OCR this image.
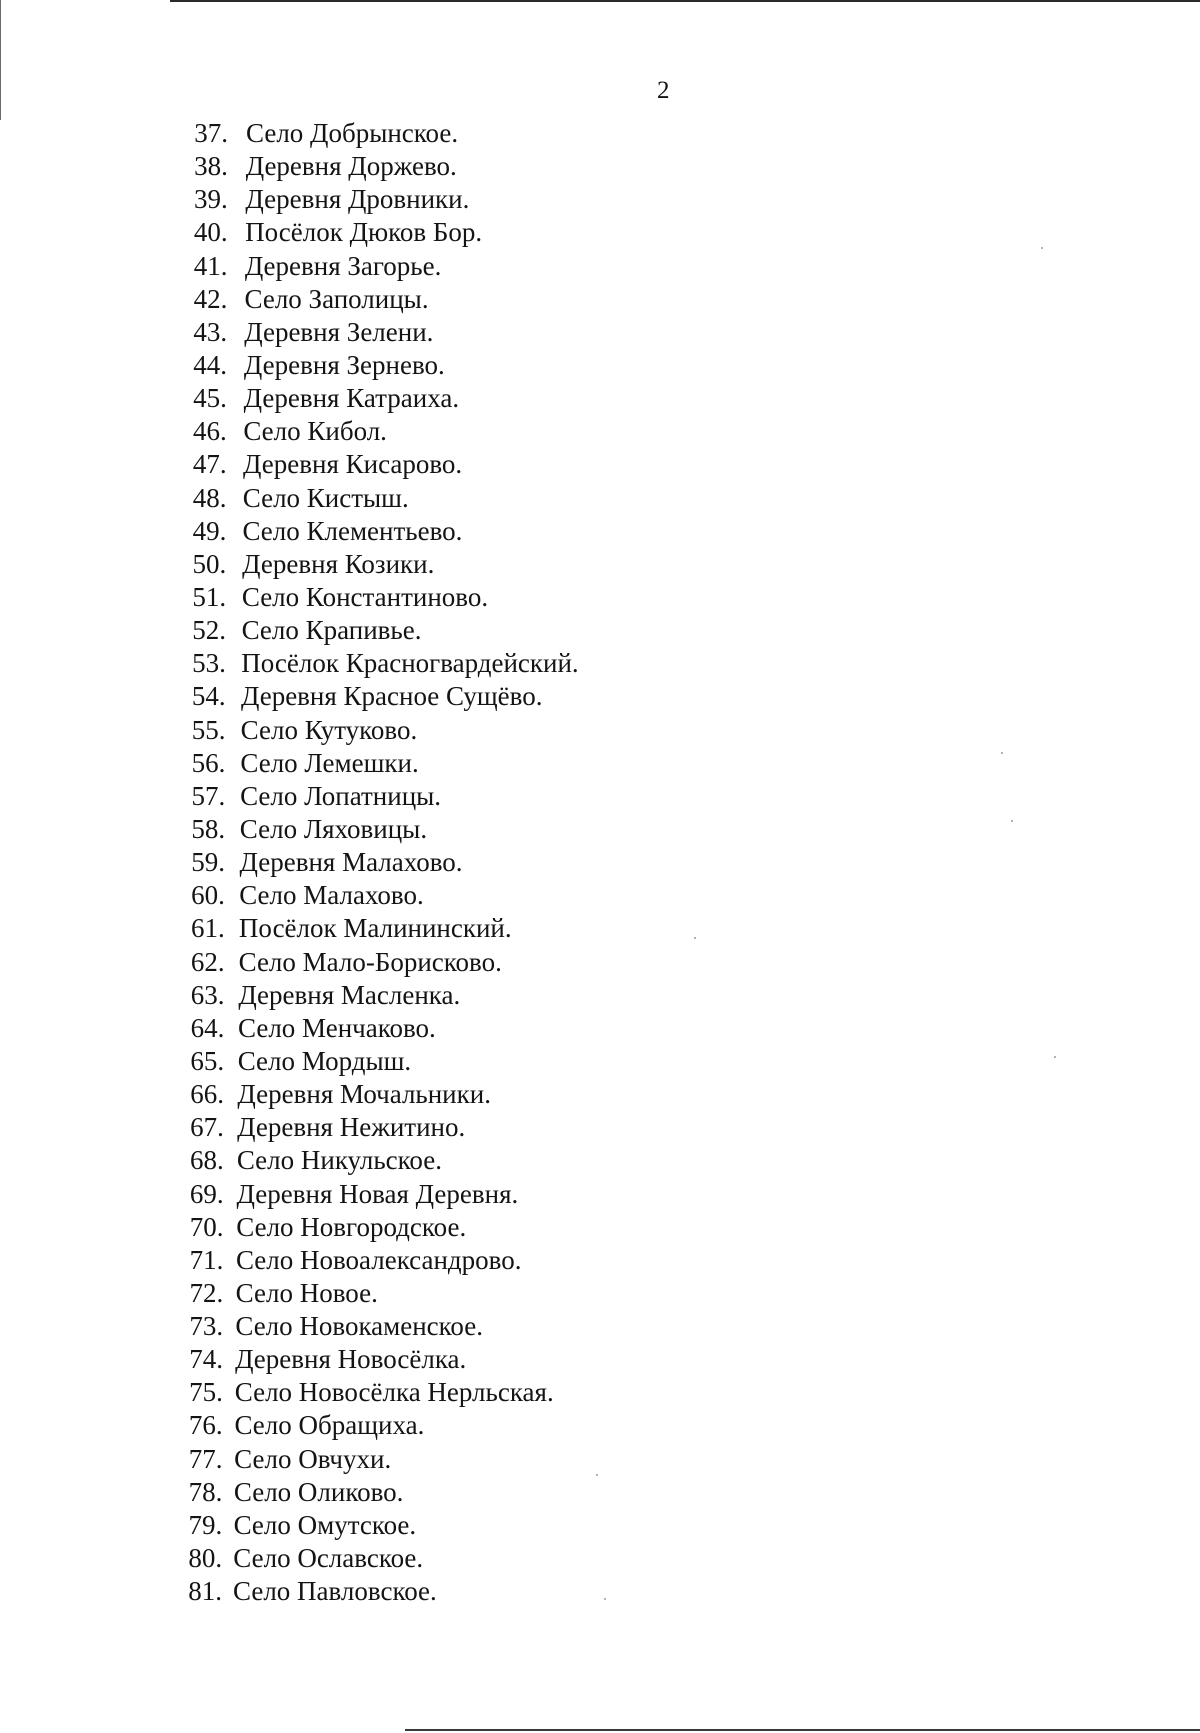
2
37. Село Добрынское.
38. Деревня Доржево.
39. Деревня Дровники.
40. Посёлок Дюков Бор.
41. Деревня Загорье.
42. Село Заполицы.
43. Деревня Зелени.
44. Деревня Зернево.
45. Деревня Катраиха.
46. Село Кибол.
47. Деревня Кисарово.
48. Село Кистыш.
49. Село Клементьево.
50. Деревня Козики.
51. Село Константиново.
52. Село Крапивье.
53. Посёлок Красногвардейский.
54. Деревня Красное Сущёво.
55. Село Кутуково.
56. Село Лемешки.
57. Село Лопатницы.
58. Село Ляховицы.
59. Деревня Малахово.
60. Село Малахово.
61. Посёлок Малининский.
62. Село Мало-Борисково.
63. Деревня Масленка.
64. Село Менчаково.
65. Село Мордыш.
66. Деревня Мочальники.
67. Деревня Нежитино.
68. Село Никульское.
69. Деревня Новая Деревня.
70. Село Новгородское.
71. Село Новоалександрово.
72. Село Новое.
73. Село Новокаменское.
74. Деревня Новосёлка.
75. Село Новосёлка Нерльская.
76. Село Обращиха.
77. Село Овчухи.
78. Село Оликово.
79. Село Омутское.
80. Село Ославское.
81. Село Павловское.
